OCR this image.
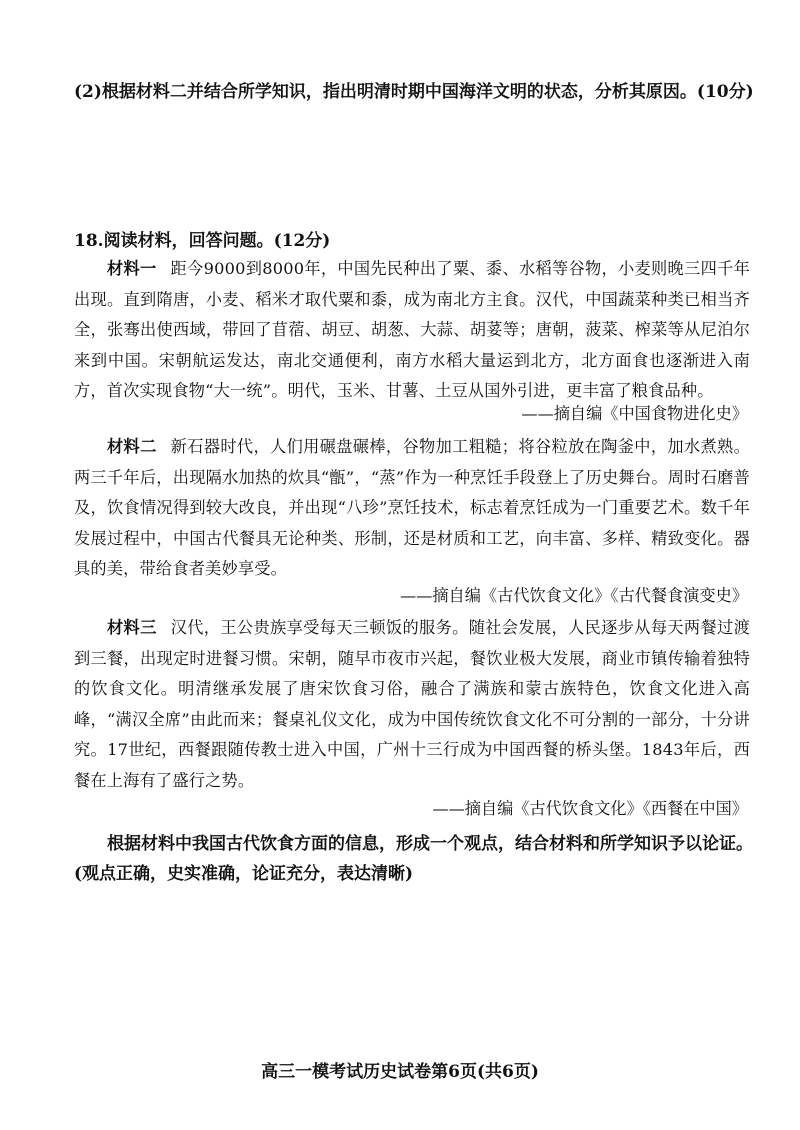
(2)根据材料二并结合所学知识，指出明清时期中国海洋文明的状态，分析其原因。(10分)
18.阅读材料，回答问题。(12分)
材料一 距今9000到8000年，中国先民种出了粟、黍、水稻等谷物，小麦则晚三四千年出现。直到隋唐，小麦、稻米才取代粟和黍，成为南北方主食。汉代，中国蔬菜种类已相当齐全，张骞出使西域，带回了苜蓿、胡豆、胡葱、大蒜、胡荽等；唐朝，菠菜、榨菜等从尼泊尔来到中国。宋朝航运发达，南北交通便利，南方水稻大量运到北方，北方面食也逐渐进入南方，首次实现食物“大一统”。明代，玉米、甘薯、土豆从国外引进，更丰富了粮食品种。
——摘自编《中国食物进化史》
材料二 新石器时代，人们用碾盘碾棒，谷物加工粗糙；将谷粒放在陶釜中，加水煮熟。两三千年后，出现隔水加热的炊具“甑”，“蒸”作为一种烹饪手段登上了历史舞台。周时石磨普及，饮食情况得到较大改良，并出现“八珍”烹饪技术，标志着烹饪成为一门重要艺术。数千年发展过程中，中国古代餐具无论种类、形制，还是材质和工艺，向丰富、多样、精致变化。器具的美，带给食者美妙享受。
——摘自编《古代饮食文化》《古代餐食演变史》
材料三 汉代，王公贵族享受每天三顿饭的服务。随社会发展，人民逐步从每天两餐过渡到三餐，出现定时进餐习惯。宋朝，随早市夜市兴起，餐饮业极大发展，商业市镇传输着独特的饮食文化。明清继承发展了唐宋饮食习俗，融合了满族和蒙古族特色，饮食文化进入高峰，“满汉全席”由此而来；餐桌礼仪文化，成为中国传统饮食文化不可分割的一部分，十分讲究。17世纪，西餐跟随传教士进入中国，广州十三行成为中国西餐的桥头堡。1843年后，西餐在上海有了盛行之势。
——摘自编《古代饮食文化》《西餐在中国》
根据材料中我国古代饮食方面的信息，形成一个观点，结合材料和所学知识予以论证。
(观点正确，史实准确，论证充分，表达清晰)
高三一模考试历史试卷第6页(共6页)
